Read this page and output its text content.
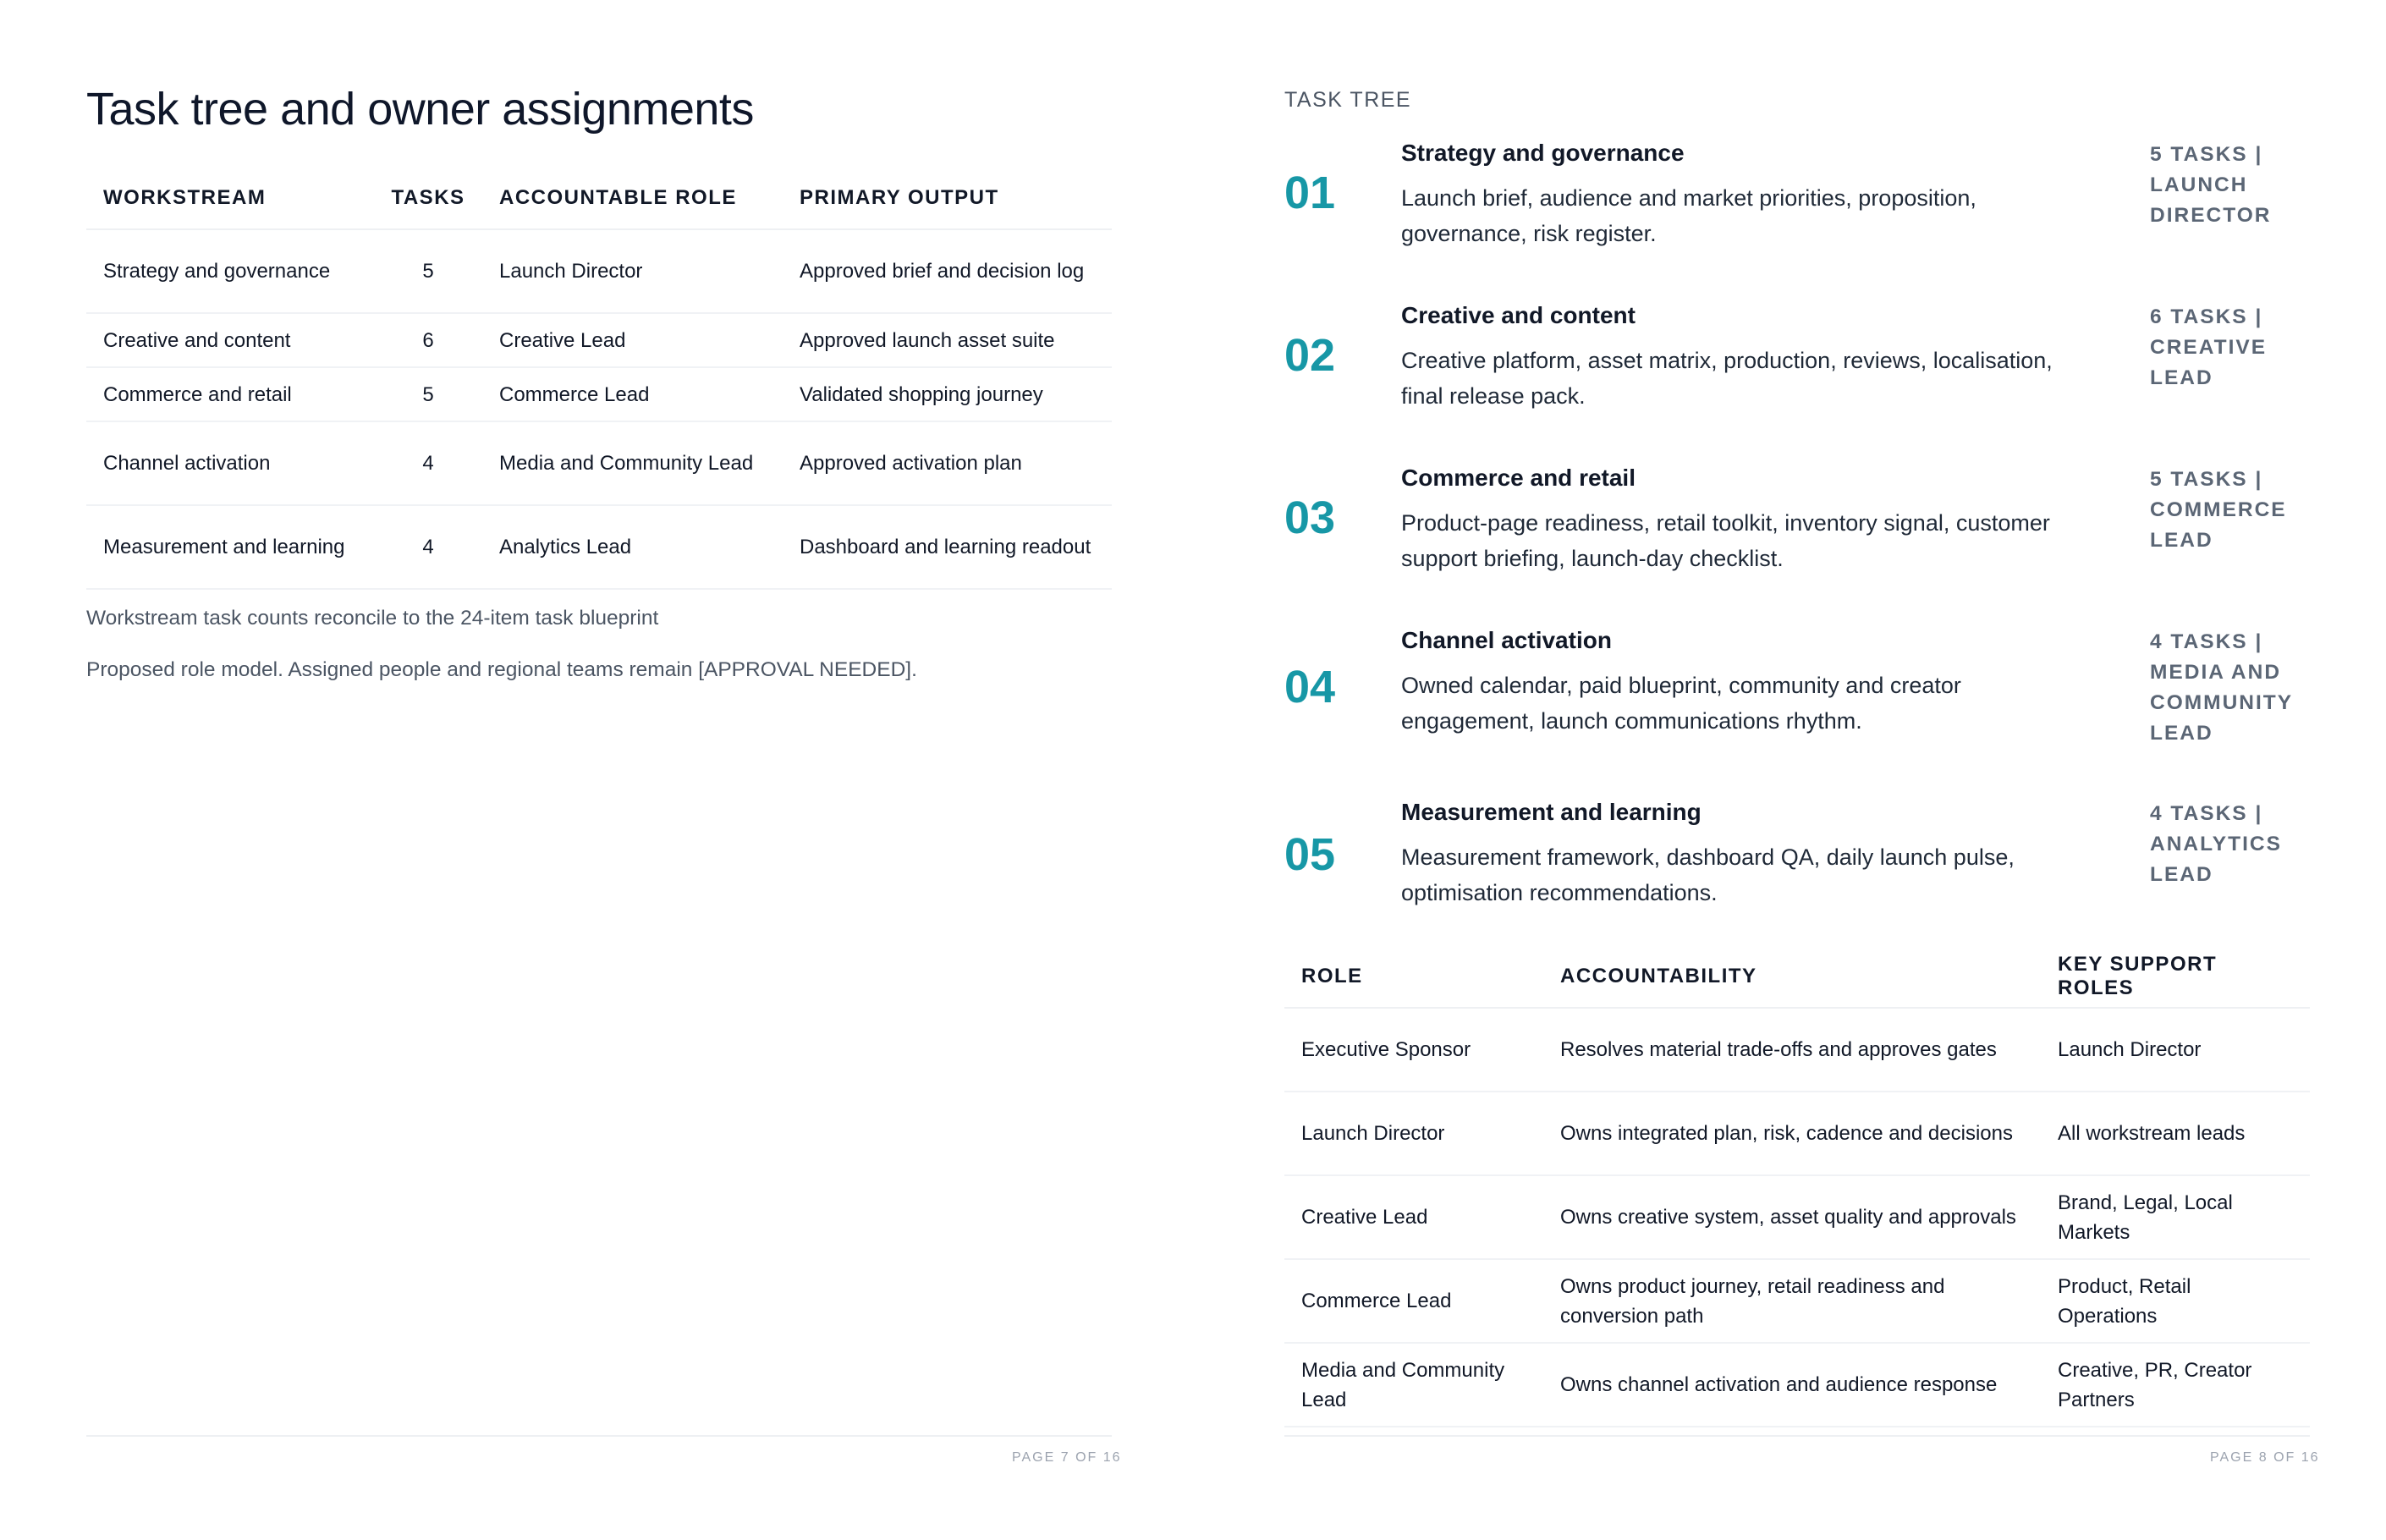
Task tree and owner assignments
WORKSTREAM	TASKS	ACCOUNTABLE ROLE	PRIMARY OUTPUT
Strategy and governance	5	Launch Director	Approved brief and decision log
Creative and content	6	Creative Lead	Approved launch asset suite
Commerce and retail	5	Commerce Lead	Validated shopping journey
Channel activation	4	Media and Community Lead	Approved activation plan
Measurement and learning	4	Analytics Lead	Dashboard and learning readout
Workstream task counts reconcile to the 24-item task blueprint
Proposed role model. Assigned people and regional teams remain [APPROVAL NEEDED].
PAGE 7 OF 16
TASK TREE
01
Strategy and governance
Launch brief, audience and market priorities, proposition, governance, risk register.
5 TASKS | LAUNCH DIRECTOR
02
Creative and content
Creative platform, asset matrix, production, reviews, localisation, final release pack.
6 TASKS | CREATIVE LEAD
03
Commerce and retail
Product-page readiness, retail toolkit, inventory signal, customer support briefing, launch-day checklist.
5 TASKS | COMMERCE LEAD
04
Channel activation
Owned calendar, paid blueprint, community and creator engagement, launch communications rhythm.
4 TASKS | MEDIA AND COMMUNITY LEAD
05
Measurement and learning
Measurement framework, dashboard QA, daily launch pulse, optimisation recommendations.
4 TASKS | ANALYTICS LEAD
ROLE	ACCOUNTABILITY	KEY SUPPORT ROLES
Executive Sponsor	Resolves material trade-offs and approves gates	Launch Director
Launch Director	Owns integrated plan, risk, cadence and decisions	All workstream leads
Creative Lead	Owns creative system, asset quality and approvals	Brand, Legal, Local Markets
Commerce Lead	Owns product journey, retail readiness and conversion path	Product, Retail Operations
Media and Community Lead	Owns channel activation and audience response	Creative, PR, Creator Partners
PAGE 8 OF 16
